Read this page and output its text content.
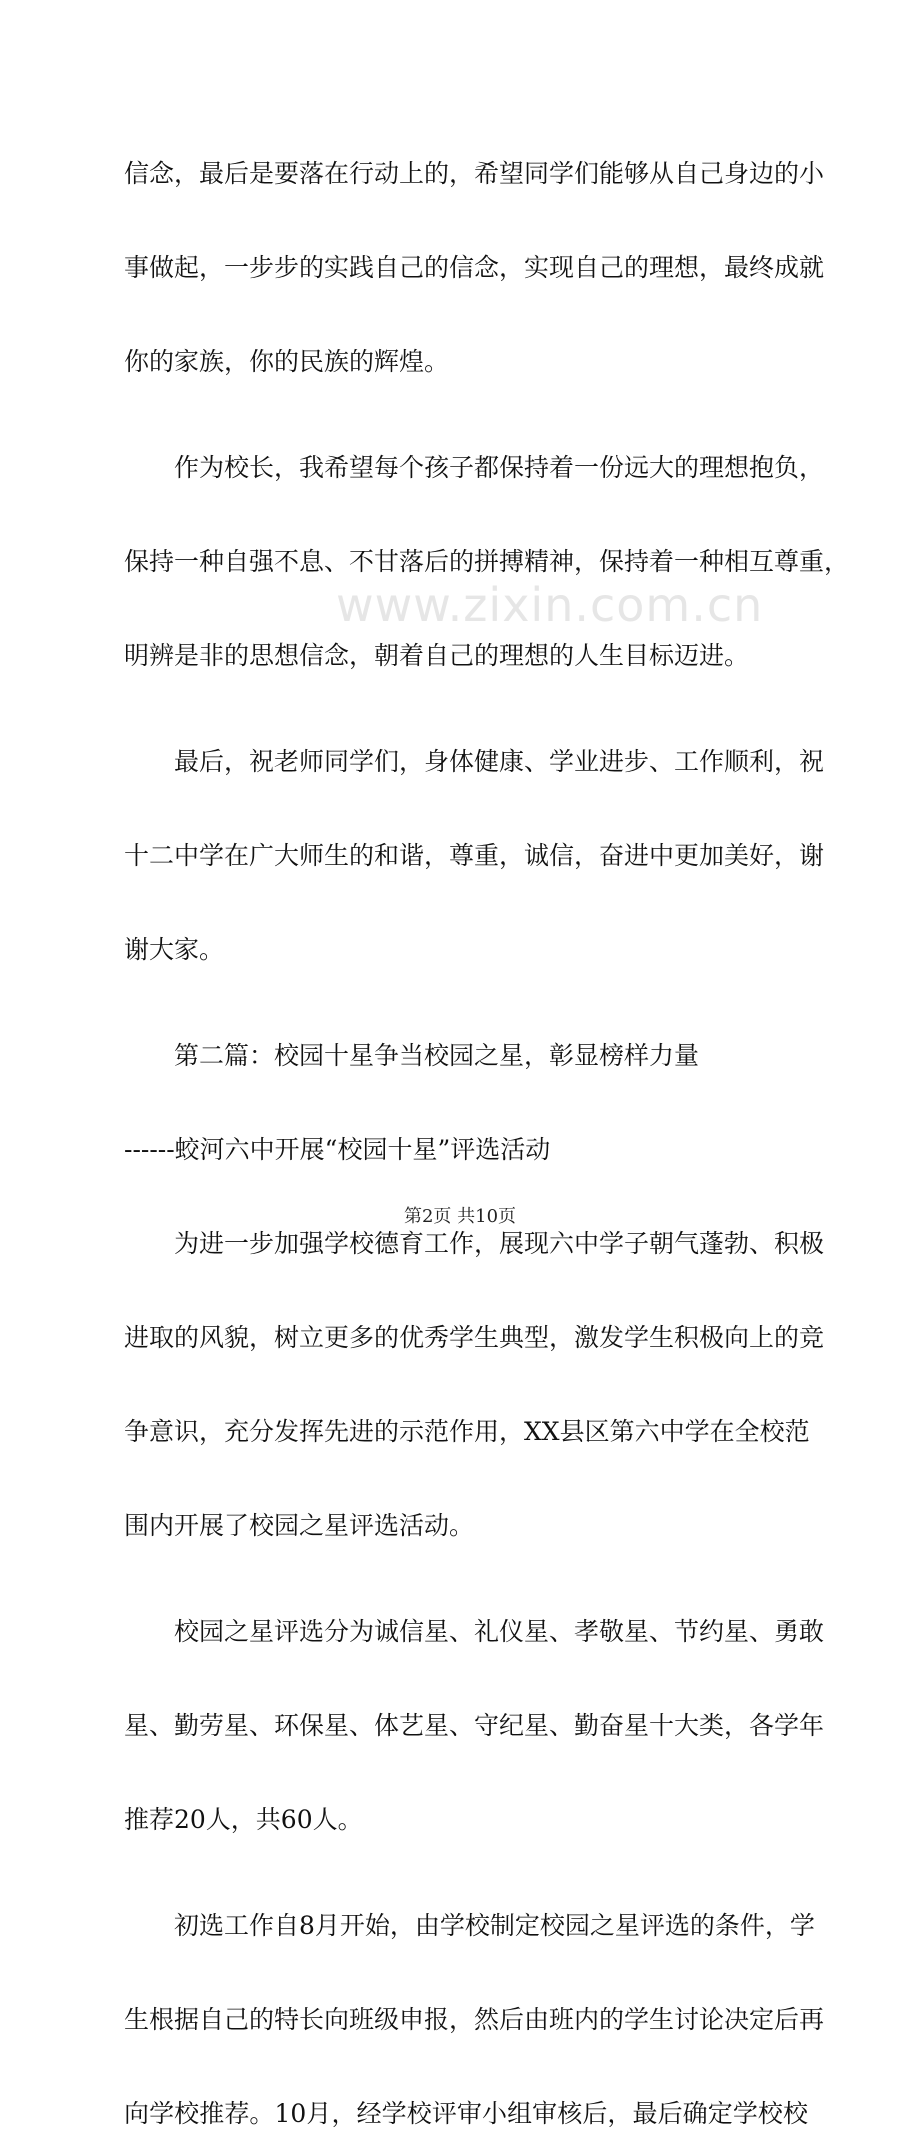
www.zixin.com.cn
信念，最后是要落在行动上的，希望同学们能够从自己身边的小
事做起，一步步的实践自己的信念，实现自己的理想，最终成就
你的家族，你的民族的辉煌。
作为校长，我希望每个孩子都保持着一份远大的理想抱负，
保持一种自强不息、不甘落后的拼搏精神，保持着一种相互尊重，
明辨是非的思想信念，朝着自己的理想的人生目标迈进。
最后，祝老师同学们，身体健康、学业进步、工作顺利，祝
十二中学在广大师生的和谐，尊重，诚信，奋进中更加美好，谢
谢大家。
第二篇：校园十星争当校园之星，彰显榜样力量
------蛟河六中开展“校园十星”评选活动
为进一步加强学校德育工作，展现六中学子朝气蓬勃、积极
进取的风貌，树立更多的优秀学生典型，激发学生积极向上的竞
争意识，充分发挥先进的示范作用，XX县区第六中学在全校范
围内开展了校园之星评选活动。
校园之星评选分为诚信星、礼仪星、孝敬星、节约星、勇敢
星、勤劳星、环保星、体艺星、守纪星、勤奋星十大类，各学年
推荐20人，共60人。
初选工作自8月开始，由学校制定校园之星评选的条件，学
生根据自己的特长向班级申报，然后由班内的学生讨论决定后再
向学校推荐。10月，经学校评审小组审核后，最后确定学校校
第2页 共10页
